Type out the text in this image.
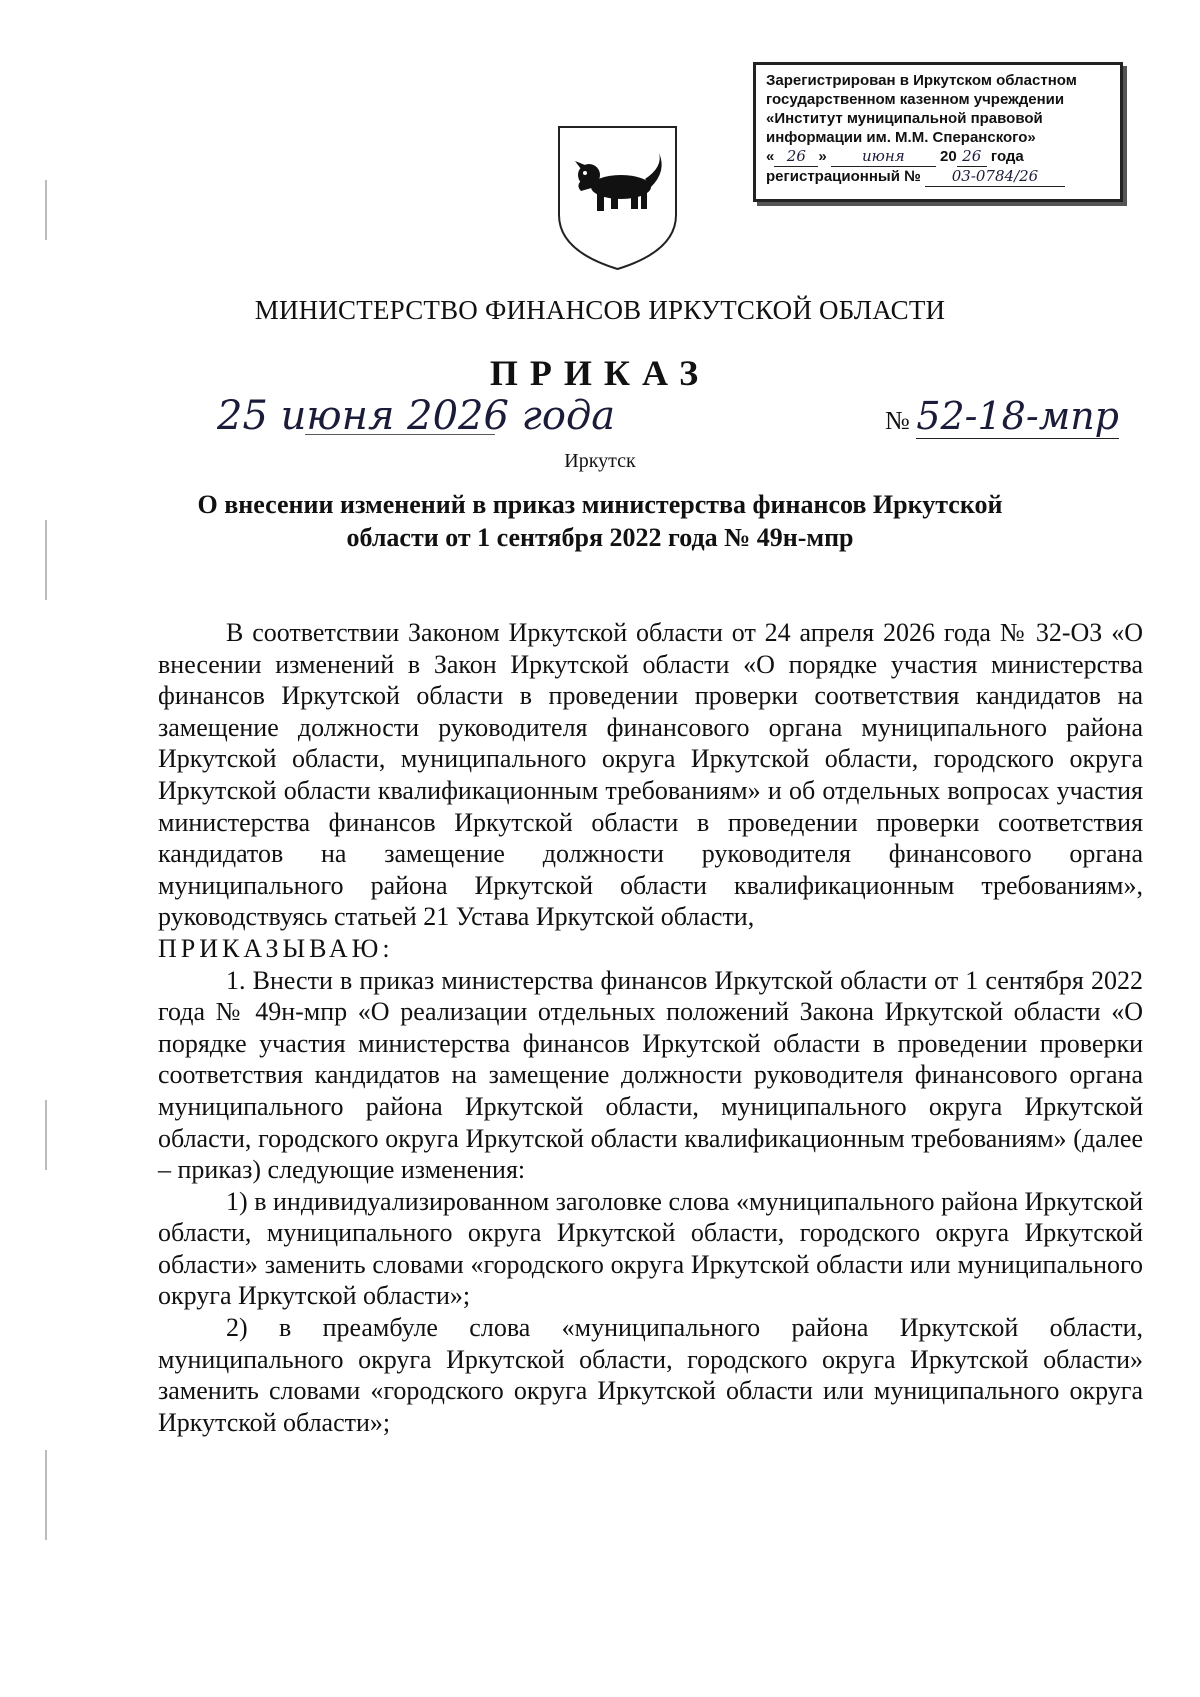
Зарегистрирован в Иркутском областном
государственном казенном учреждении
«Институт муниципальной правовой
информации им. М.М. Сперанского»
« 26 » июня 20 26 года
регистрационный № 03-0784/26
МИНИСТЕРСТВО ФИНАНСОВ ИРКУТСКОЙ ОБЛАСТИ
ПРИКАЗ
25 июня 2026 года	№ 52-18-мпр
Иркутск
О внесении изменений в приказ министерства финансов Иркутской области от 1 сентября 2022 года № 49н-мпр

В соответствии Законом Иркутской области от 24 апреля 2026 года № 32-ОЗ «О внесении изменений в Закон Иркутской области «О порядке участия министерства финансов Иркутской области в проведении проверки соответствия кандидатов на замещение должности руководителя финансового органа муниципального района Иркутской области, муниципального округа Иркутской области, городского округа Иркутской области квалификационным требованиям» и об отдельных вопросах участия министерства финансов Иркутской области в проведении проверки соответствия кандидатов на замещение должности руководителя финансового органа муниципального района Иркутской области квалификационным требованиям», руководствуясь статьей 21 Устава Иркутской области,

ПРИКАЗЫВАЮ:

1. Внести в приказ министерства финансов Иркутской области от 1 сентября 2022 года № 49н-мпр «О реализации отдельных положений Закона Иркутской области «О порядке участия министерства финансов Иркутской области в проведении проверки соответствия кандидатов на замещение должности руководителя финансового органа муниципального района Иркутской области, муниципального округа Иркутской области, городского округа Иркутской области квалификационным требованиям» (далее – приказ) следующие изменения:

1) в индивидуализированном заголовке слова «муниципального района Иркутской области, муниципального округа Иркутской области, городского округа Иркутской области» заменить словами «городского округа Иркутской области или муниципального округа Иркутской области»;

2) в преамбуле слова «муниципального района Иркутской области, муниципального округа Иркутской области, городского округа Иркутской области» заменить словами «городского округа Иркутской области или муниципального округа Иркутской области»;
